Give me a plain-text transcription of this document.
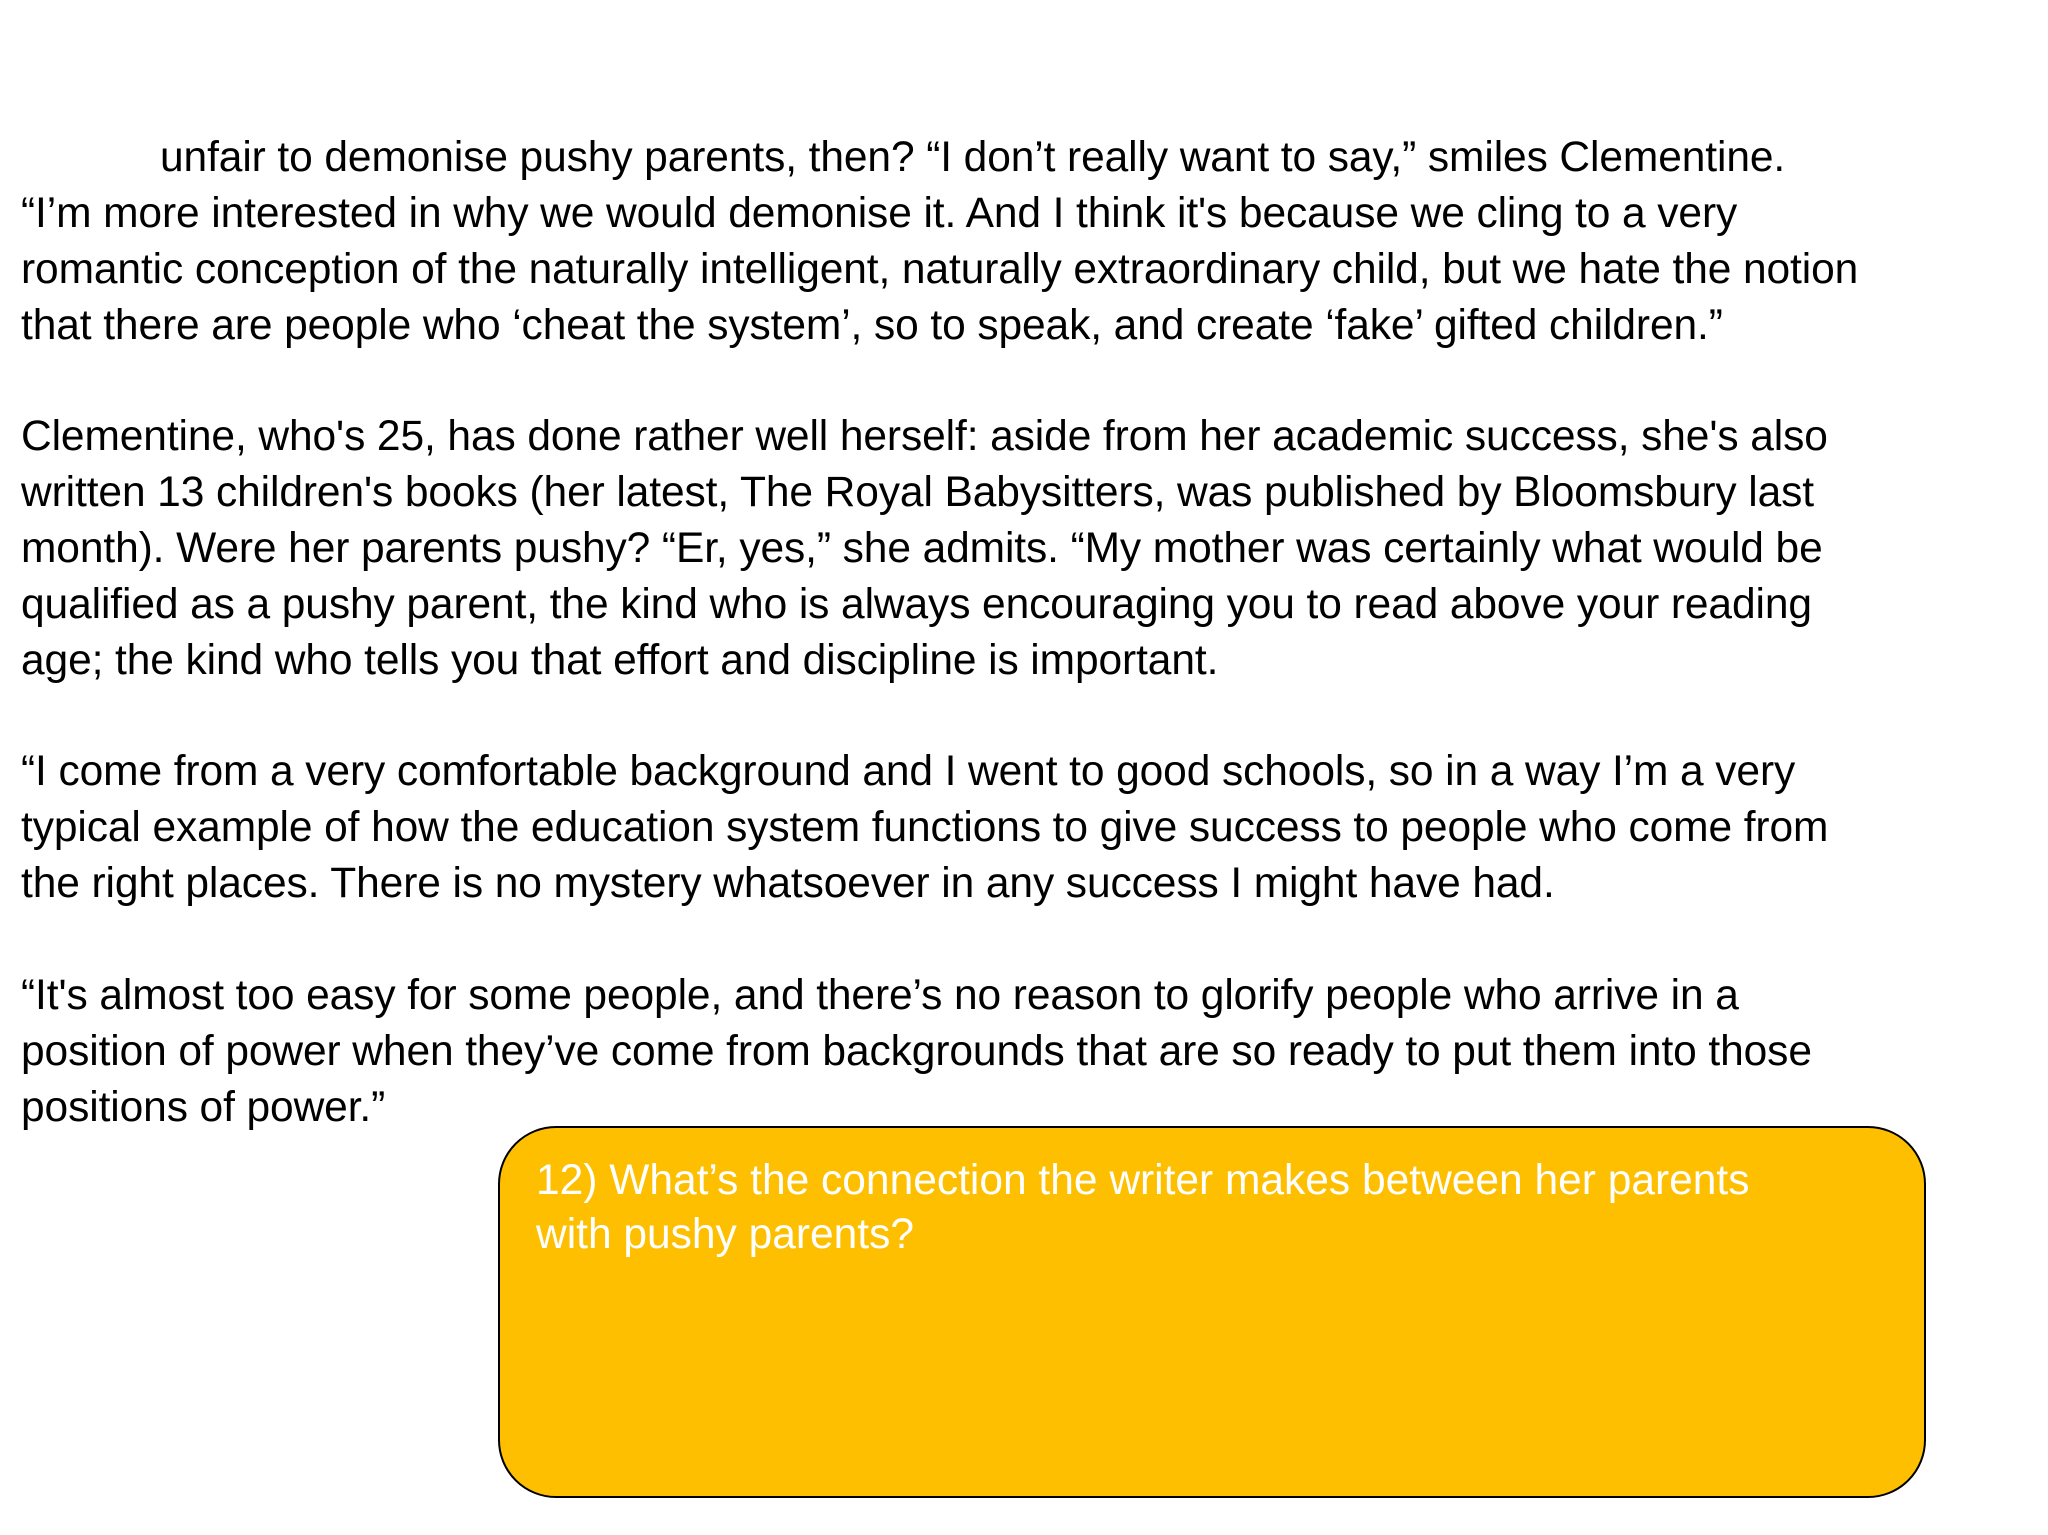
unfair to demonise pushy parents, then? “I don’t really want to say,” smiles Clementine.
“I’m more interested in why we would demonise it. And I think it's because we cling to a very
romantic conception of the naturally intelligent, naturally extraordinary child, but we hate the notion
that there are people who ‘cheat the system’, so to speak, and create ‘fake’ gifted children.”
Clementine, who's 25, has done rather well herself: aside from her academic success, she's also
written 13 children's books (her latest, The Royal Babysitters, was published by Bloomsbury last
month). Were her parents pushy? “Er, yes,” she admits. “My mother was certainly what would be
qualified as a pushy parent, the kind who is always encouraging you to read above your reading
age; the kind who tells you that effort and discipline is important.
“I come from a very comfortable background and I went to good schools, so in a way I’m a very
typical example of how the education system functions to give success to people who come from
the right places. There is no mystery whatsoever in any success I might have had.
“It's almost too easy for some people, and there’s no reason to glorify people who arrive in a
position of power when they’ve come from backgrounds that are so ready to put them into those
positions of power.”
12) What’s the connection the writer makes between her parents
with pushy parents?
